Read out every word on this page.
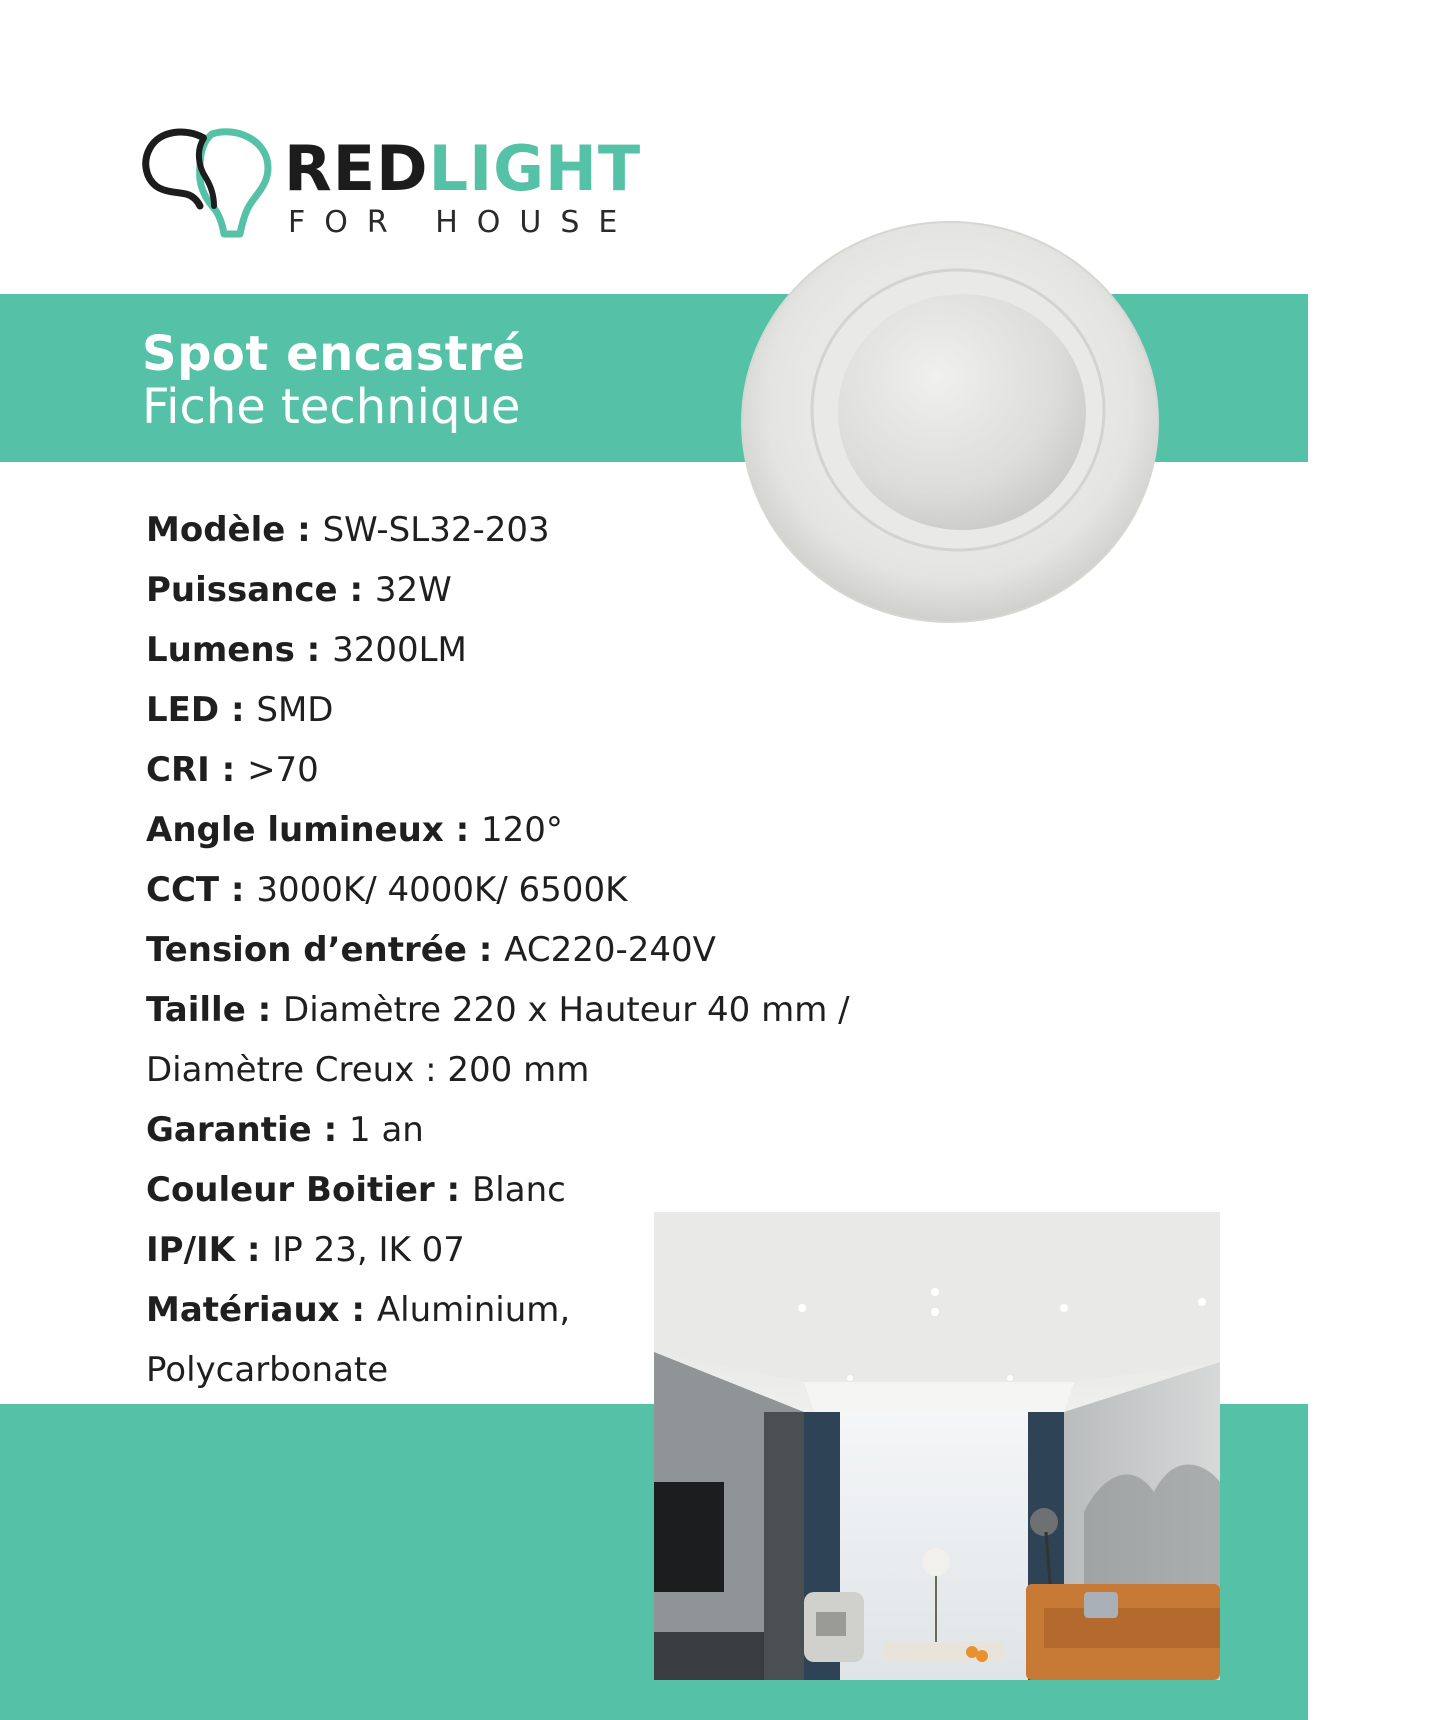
REDLIGHT
FOR HOUSE
Spot encastré
Fiche technique
Modèle : SW-SL32-203
Puissance : 32W
Lumens : 3200LM
LED : SMD
CRI : >70
Angle lumineux : 120°
CCT : 3000K/ 4000K/ 6500K
Tension d’entrée : AC220-240V
Taille : Diamètre 220 x Hauteur 40 mm /
Diamètre Creux : 200 mm
Garantie : 1 an
Couleur Boitier : Blanc
IP/IK : IP 23, IK 07
Matériaux : Aluminium,
Polycarbonate
